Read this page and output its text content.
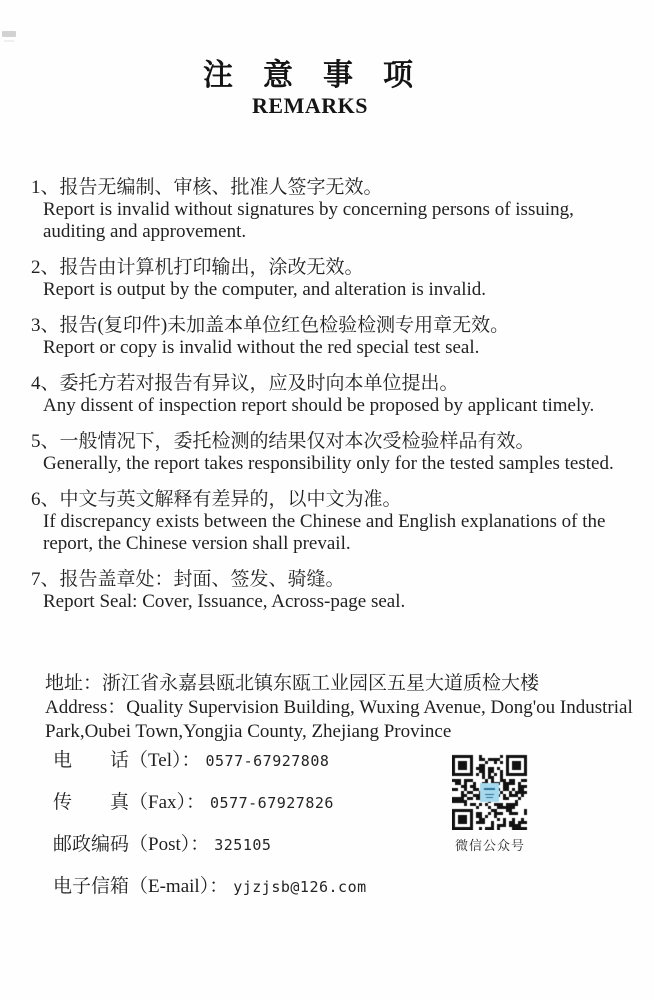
注意事项
REMARKS
1、报告无编制、审核、批准人签字无效。
Report is invalid without signatures by concerning persons of issuing,
auditing and approvement.
2、报告由计算机打印输出，涂改无效。
Report is output by the computer, and alteration is invalid.
3、报告(复印件)未加盖本单位红色检验检测专用章无效。
Report or copy is invalid without the red special test seal.
4、委托方若对报告有异议，应及时向本单位提出。
Any dissent of inspection report should be proposed by applicant timely.
5、一般情况下，委托检测的结果仅对本次受检验样品有效。
Generally, the report takes responsibility only for the tested samples tested.
6、中文与英文解释有差异的，以中文为准。
If discrepancy exists between the Chinese and English explanations of the
report, the Chinese version shall prevail.
7、报告盖章处：封面、签发、骑缝。
Report Seal: Cover, Issuance, Across-page seal.
地址：浙江省永嘉县瓯北镇东瓯工业园区五星大道质检大楼
Address：Quality Supervision Building, Wuxing Avenue, Dong'ou Industrial
Park,Oubei Town,Yongjia County, Zhejiang Province
电话（Tel）： 0577-67927808
传真（Fax）： 0577-67927826
邮政编码（Post）： 325105
电子信箱（E-mail）： yjzjsb@126.com
微信公众号
